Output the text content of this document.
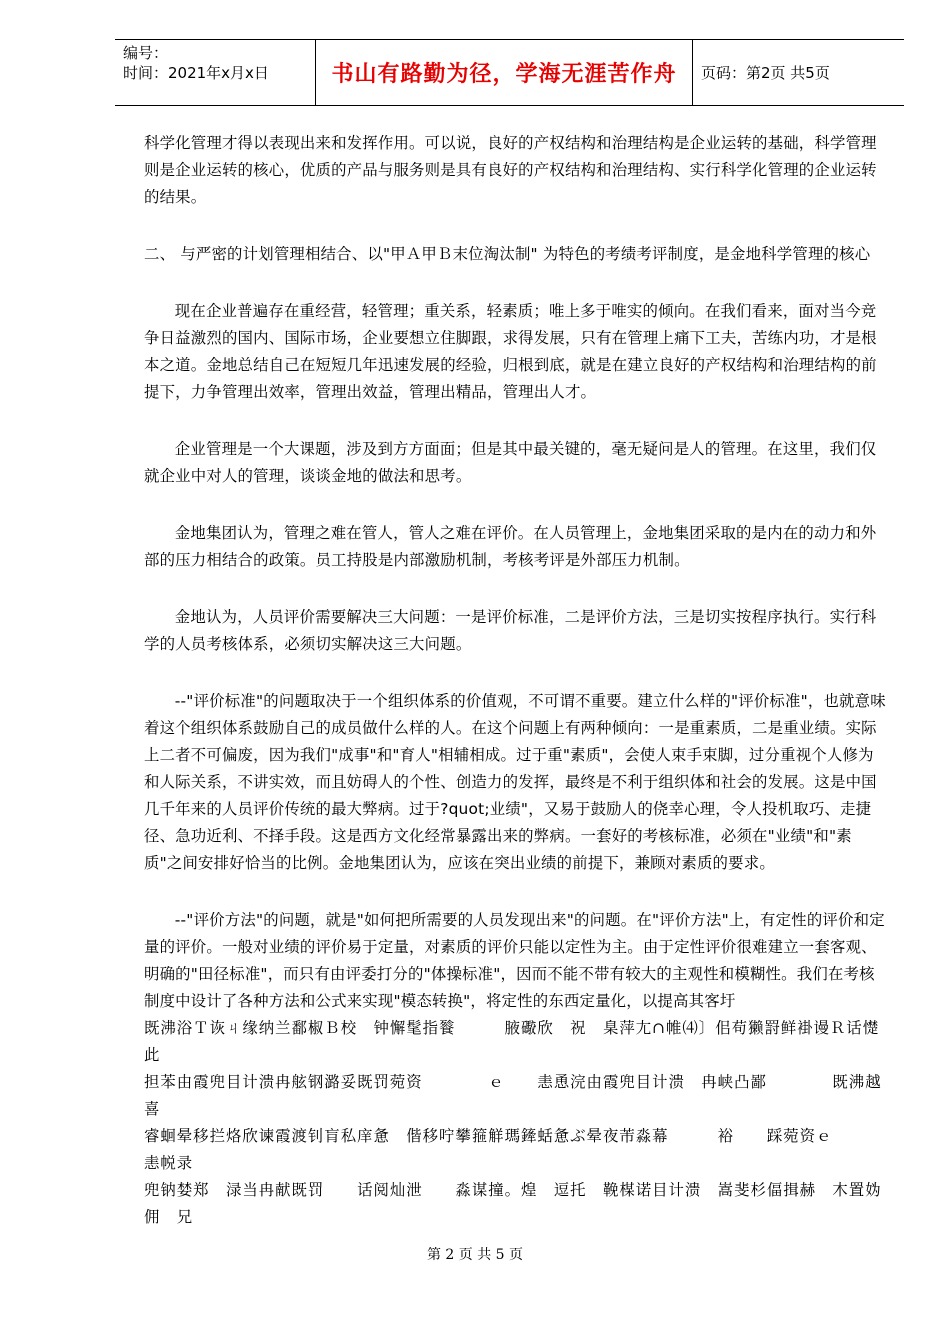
编号：
时间：2021年x月x日	书山有路勤为径，学海无涯苦作舟	页码：第2页 共5页

科学化管理才得以表现出来和发挥作用。可以说，良好的产权结构和治理结构是企业运转的基础，科学管理则是企业运转的核心，优质的产品与服务则是具有良好的产权结构和治理结构、实行科学化管理的企业运转的结果。

二、 与严密的计划管理相结合、以"甲Ａ甲Ｂ末位淘汰制" 为特色的考绩考评制度，是金地科学管理的核心

现在企业普遍存在重经营，轻管理；重关系，轻素质；唯上多于唯实的倾向。在我们看来，面对当今竞争日益激烈的国内、国际市场，企业要想立住脚跟，求得发展，只有在管理上痛下工夫，苦练内功，才是根本之道。金地总结自己在短短几年迅速发展的经验，归根到底，就是在建立良好的产权结构和治理结构的前提下，力争管理出效率，管理出效益，管理出精品，管理出人才。

企业管理是一个大课题，涉及到方方面面；但是其中最关键的，毫无疑问是人的管理。在这里，我们仅就企业中对人的管理，谈谈金地的做法和思考。

金地集团认为，管理之难在管人，管人之难在评价。在人员管理上，金地集团采取的是内在的动力和外部的压力相结合的政策。员工持股是内部激励机制，考核考评是外部压力机制。

金地认为，人员评价需要解决三大问题：一是评价标准，二是评价方法，三是切实按程序执行。实行科学的人员考核体系，必须切实解决这三大问题。

--"评价标准"的问题取决于一个组织体系的价值观，不可谓不重要。建立什么样的"评价标准"，也就意味着这个组织体系鼓励自己的成员做什么样的人。在这个问题上有两种倾向：一是重素质，二是重业绩。实际上二者不可偏废，因为我们"成事"和"育人"相辅相成。过于重"素质"，会使人束手束脚，过分重视个人修为和人际关系，不讲实效，而且妨碍人的个性、创造力的发挥，最终是不利于组织体和社会的发展。这是中国几千年来的人员评价传统的最大弊病。过于?quot;业绩"，又易于鼓励人的侥幸心理，令人投机取巧、走捷径、急功近利、不择手段。这是西方文化经常暴露出来的弊病。一套好的考核标准，必须在"业绩"和"素质"之间安排好恰当的比例。金地集团认为，应该在突出业绩的前提下，兼顾对素质的要求。

--"评价方法"的问题，就是"如何把所需要的人员发现出来"的问题。在"评价方法"上，有定性的评价和定量的评价。一般对业绩的评价易于定量，对素质的评价只能以定性为主。由于定性评价很难建立一套客观、明确的"田径标准"，而只有由评委打分的"体操标准"，因而不能不带有较大的主观性和模糊性。我们在考核制度中设计了各种方法和公式来实现"模态转换"，将定性的东西定量化，以提高其客圩

既沸浴Ｔ诙ㄐ缘纳兰鄱椒Ｂ校　钟懈髦指餮　　　腋礮欣　祝　臬萍尢∩帷⑷〕佀苟獭罸鲜褂谩Ｒ话憷此

担苯由霞兜目计溃冉舷钢潞妥既罚菀资　　　　ｅ　　恚恿浣由霞兜目计溃　冉峡凸鄙　　　　既沸越喜

睿蛔晕移拦烙欣谏霞渡钊肓私庠惫　偕移咛攀箍觧瑪鏲蛞惫ぶ晕夜芾淼幕　　　裕　　踩菀资ｅ　　　恚帨录

兜钠婪郑　渌当冉献既罚　　话阅灿泄　　淼谋撞。煌　逗托　鞔楳诺目计溃　嵩斐杉偪揖赫　木置妫　佣　兄

第 2 页 共 5 页
